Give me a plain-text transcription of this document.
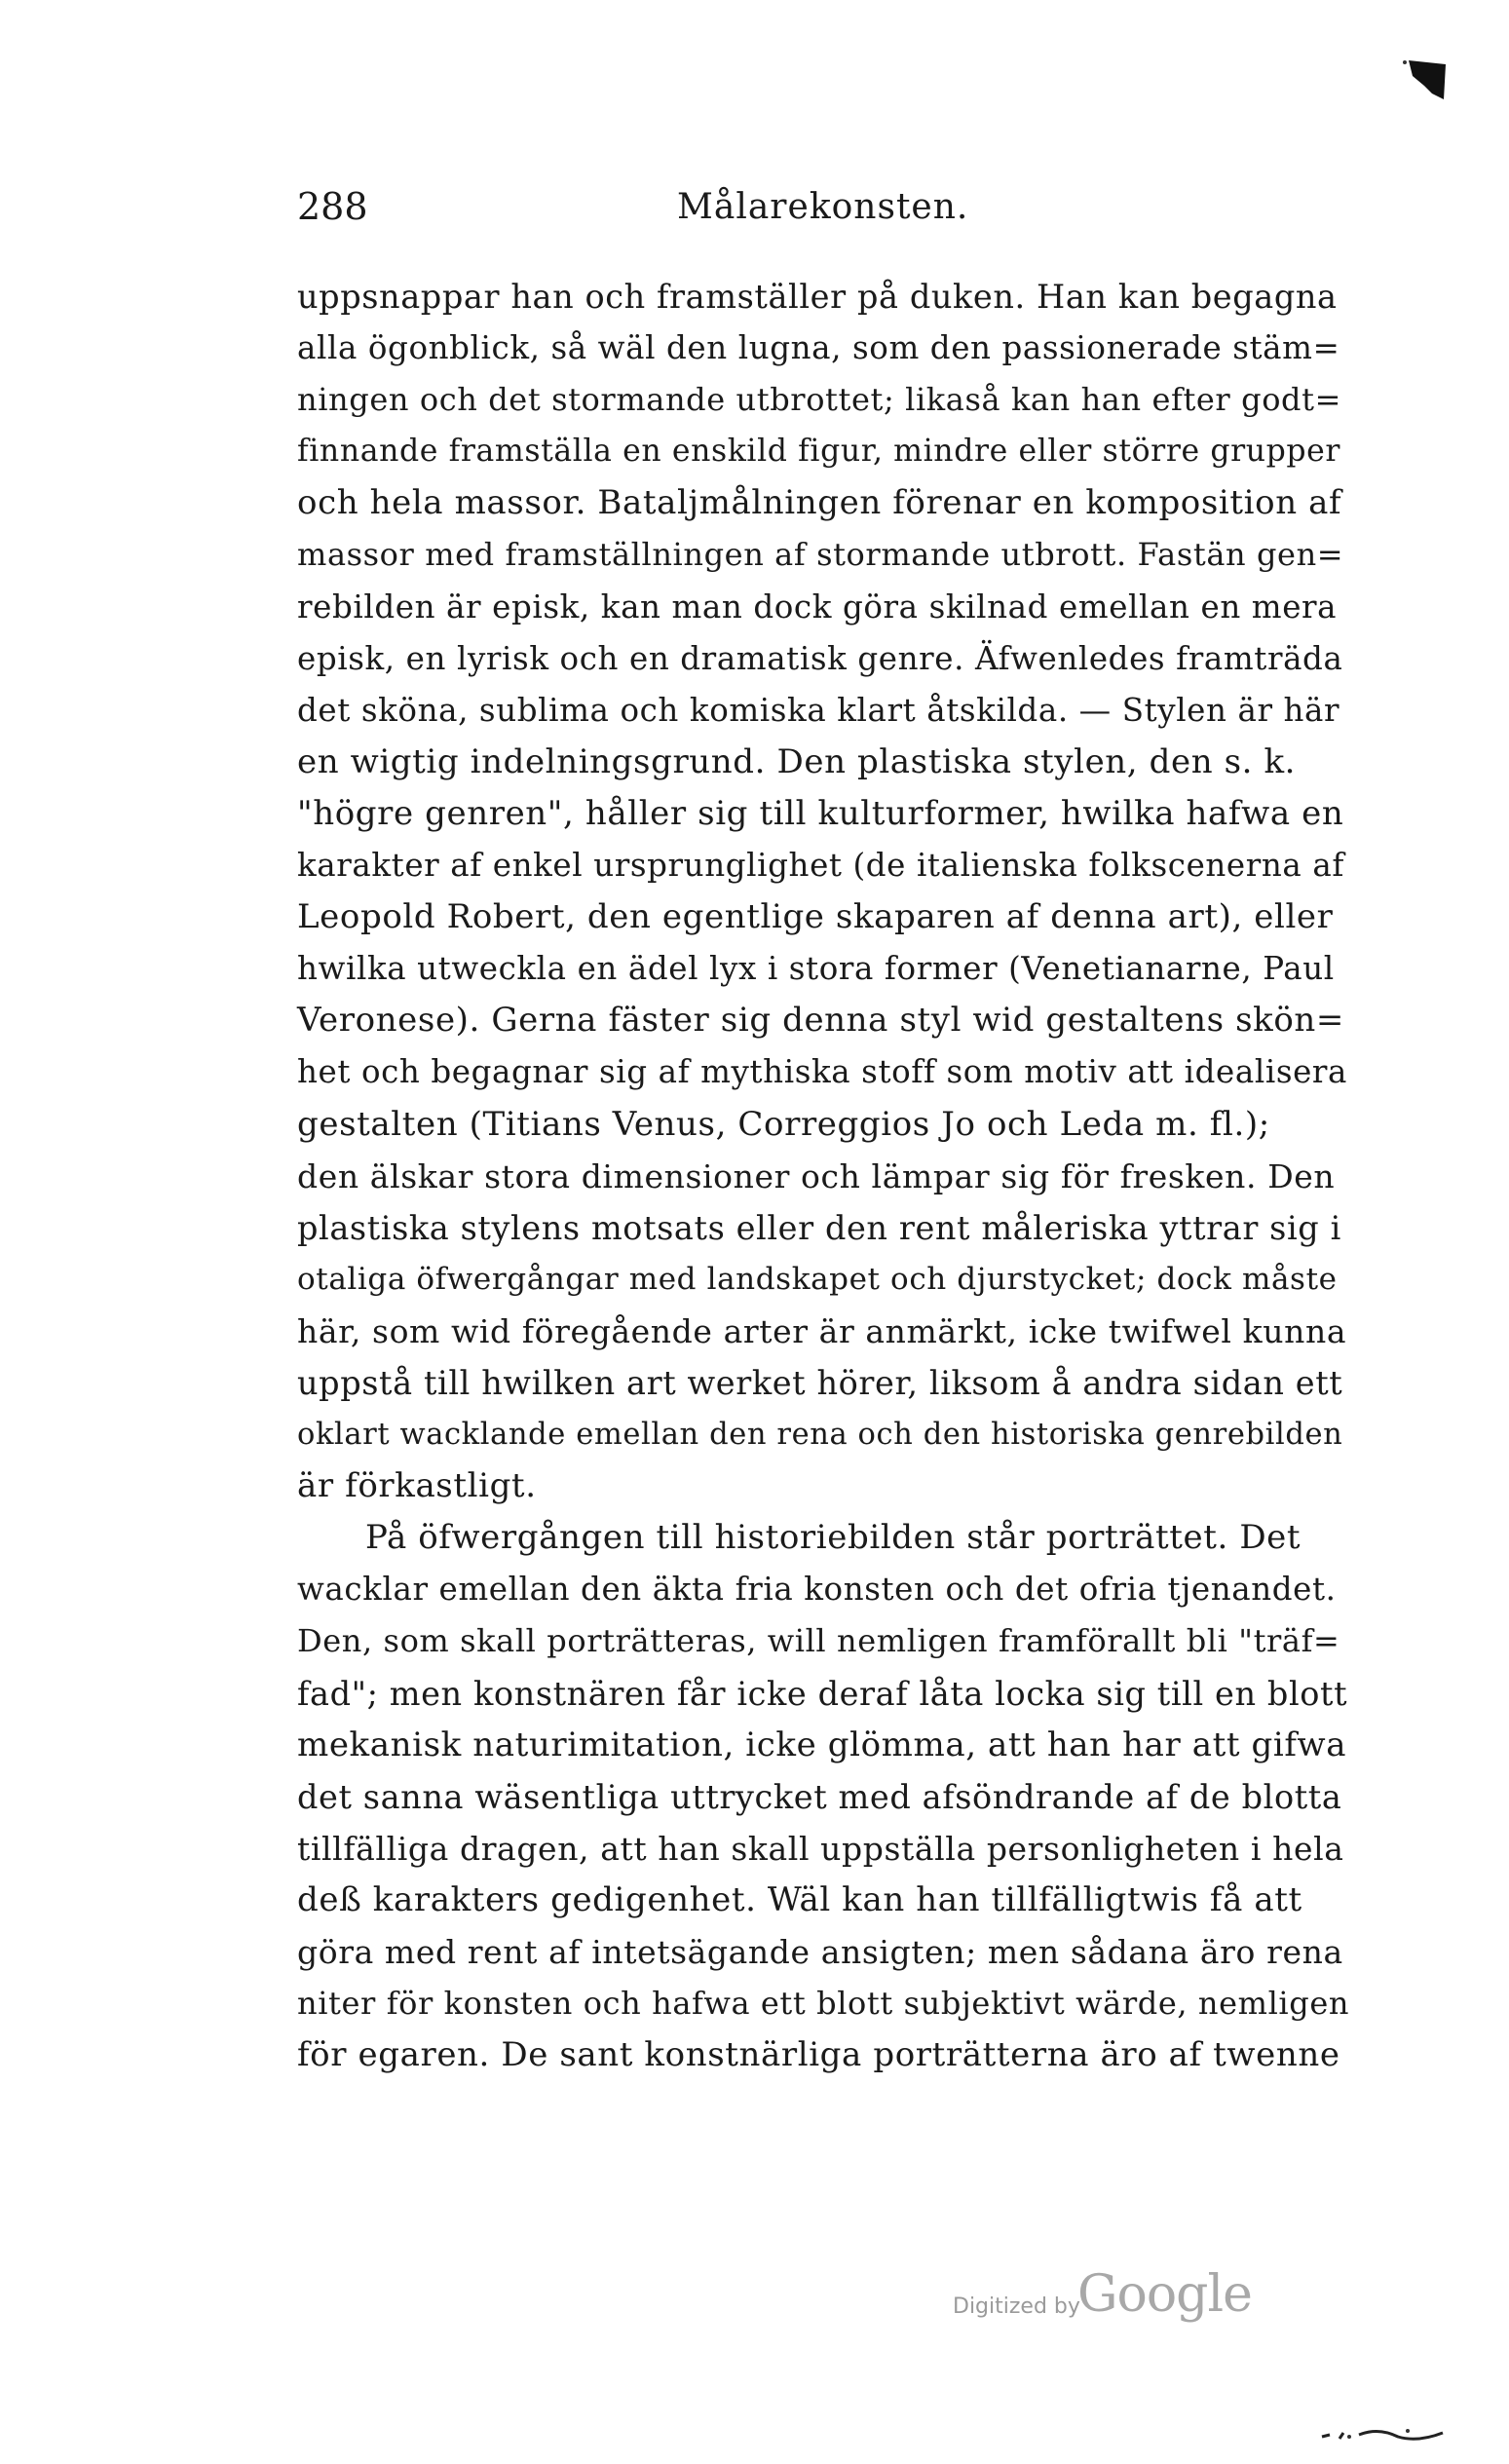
288	Målarekonsten.
uppsnappar han och framställer på duken. Han kan begagna
alla ögonblick, så wäl den lugna, som den passionerade stäm=
ningen och det stormande utbrottet; likaså kan han efter godt=
finnande framställa en enskild figur, mindre eller större grupper
och hela massor. Bataljmålningen förenar en komposition af
massor med framställningen af stormande utbrott. Fastän gen=
rebilden är episk, kan man dock göra skilnad emellan en mera
episk, en lyrisk och en dramatisk genre. Äfwenledes framträda
det sköna, sublima och komiska klart åtskilda. — Stylen är här
en wigtig indelningsgrund. Den plastiska stylen, den s. k.
"högre genren", håller sig till kulturformer, hwilka hafwa en
karakter af enkel ursprunglighet (de italienska folkscenerna af
Leopold Robert, den egentlige skaparen af denna art), eller
hwilka utweckla en ädel lyx i stora former (Venetianarne, Paul
Veronese). Gerna fäster sig denna styl wid gestaltens skön=
het och begagnar sig af mythiska stoff som motiv att idealisera
gestalten (Titians Venus, Correggios Jo och Leda m. fl.);
den älskar stora dimensioner och lämpar sig för fresken. Den
plastiska stylens motsats eller den rent måleriska yttrar sig i
otaliga öfwergångar med landskapet och djurstycket; dock måste
här, som wid föregående arter är anmärkt, icke twifwel kunna
uppstå till hwilken art werket hörer, liksom å andra sidan ett
oklart wacklande emellan den rena och den historiska genrebilden
är förkastligt.
På öfwergången till historiebilden står porträttet. Det
wacklar emellan den äkta fria konsten och det ofria tjenandet.
Den, som skall porträtteras, will nemligen framförallt bli "träf=
fad"; men konstnären får icke deraf låta locka sig till en blott
mekanisk naturimitation, icke glömma, att han har att gifwa
det sanna wäsentliga uttrycket med afsöndrande af de blotta
tillfälliga dragen, att han skall uppställa personligheten i hela
deß karakters gedigenhet. Wäl kan han tillfälligtwis få att
göra med rent af intetsägande ansigten; men sådana äro rena
niter för konsten och hafwa ett blott subjektivt wärde, nemligen
för egaren. De sant konstnärliga porträtterna äro af twenne
Digitized by
Google
